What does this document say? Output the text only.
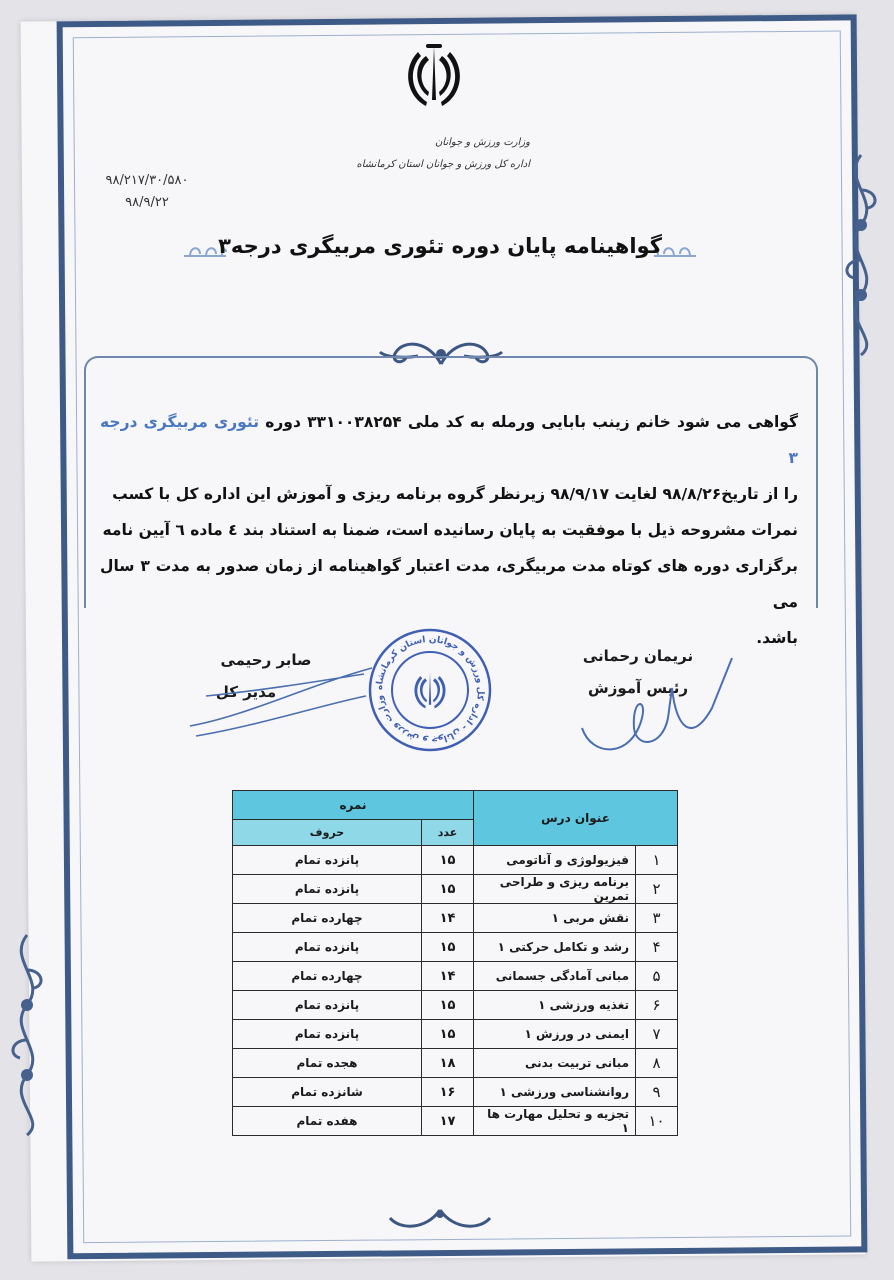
وزارت ورزش و جوانان
اداره کل ورزش و جوانان استان کرمانشاه
۹۸/۲۱۷/۳۰/۵۸۰
۹۸/۹/۲۲
گواهینامه پایان دوره تئوری مربیگری درجه۳

گواهی می شود خانم زینب بابایی ورمله به کد ملی ۳۳۱۰۰۳۸۲۵۴ دوره تئوری مربیگری درجه ۳

را از تاریخ۹۸/۸/۲۶ لغایت ۹۸/۹/۱۷ زیرنظر گروه برنامه ریزی و آموزش این اداره کل با کسب

نمرات مشروحه ذیل با موفقیت به پایان رسانیده است، ضمنا به استناد بند ٤ ماده ٦ آیین نامه

برگزاری دوره های کوتاه مدت مربیگری، مدت اعتبار گواهینامه از زمان صدور به مدت ۳ سال می

باشد.

نریمان رحمانی
رئیس آموزش
صابر رحیمی
مدیر کل	وزارت ورزش و جوانان - اداره کل ورزش و جوانان استان کرمانشاه
عنوان درس		نمره	
		عدد	حروف
۱	فیزیولوژی و آناتومی	۱۵	پانزده تمام
۲	برنامه ریزی و طراحی تمرین	۱۵	پانزده تمام
۳	نقش مربی ۱	۱۴	چهارده تمام
۴	رشد و تکامل حرکتی ۱	۱۵	پانزده تمام
۵	مبانی آمادگی جسمانی	۱۴	چهارده تمام
۶	تغذیه ورزشی ۱	۱۵	پانزده تمام
۷	ایمنی در ورزش ۱	۱۵	پانزده تمام
۸	مبانی تربیت بدنی	۱۸	هجده تمام
۹	روانشناسی ورزشی ۱	۱۶	شانزده تمام
۱۰	تجزیه و تحلیل مهارت ها ۱	۱۷	هفده تمام
